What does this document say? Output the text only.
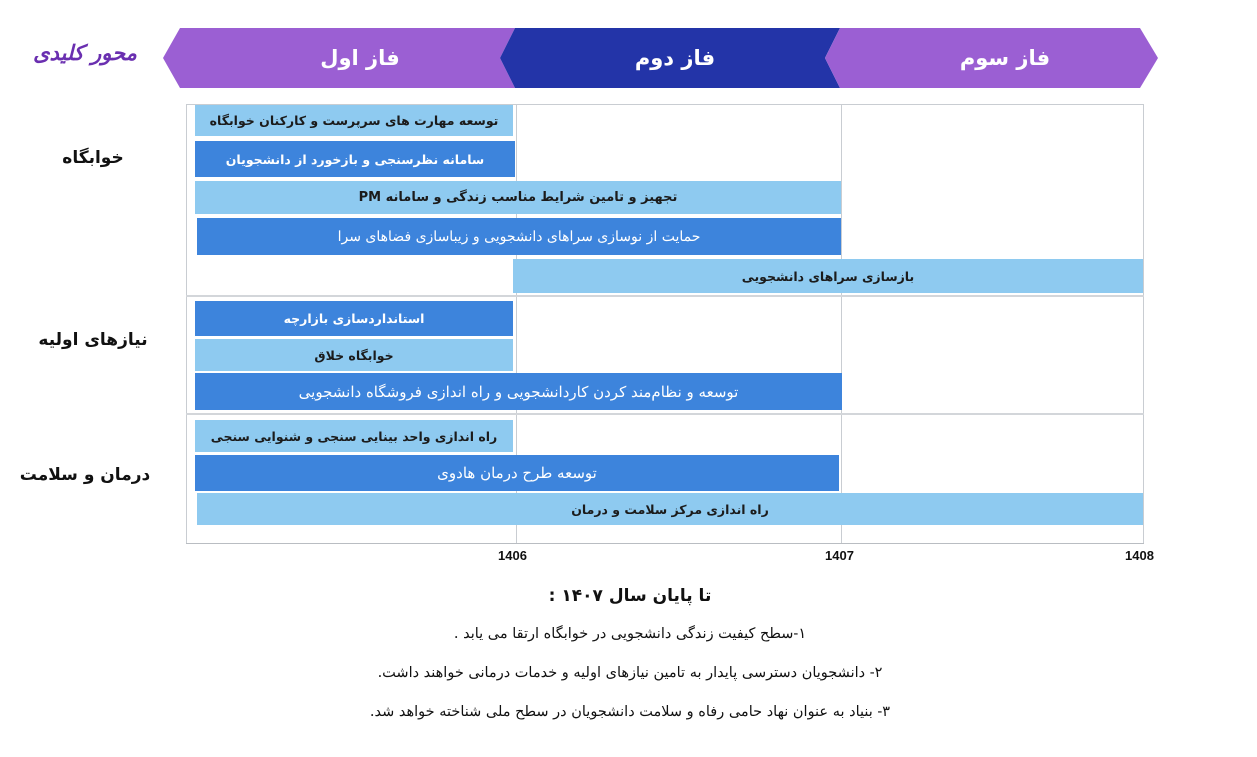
فاز اول	فاز دوم	فاز سوم
محور کلیدی
خوابگاه
نیازهای اولیه
درمان و سلامت
توسعه مهارت های سرپرست و کارکنان خوابگاه
سامانه نظرسنجی و بازخورد از دانشجویان
تجهیز و تامین شرایط مناسب زندگی و سامانه PM
حمایت از نوسازی سراهای دانشجویی و زیباسازی فضاهای سرا
بازسازی سراهای دانشجویی
استانداردسازی بازارچه
خوابگاه خلاق
توسعه و نظام‌مند کردن کاردانشجویی و راه اندازی فروشگاه دانشجویی
راه اندازی واحد بینایی سنجی و شنوایی سنجی
توسعه طرح درمان هادوی
راه اندازی مرکز سلامت و درمان
1406	1407	1408
تا پایان سال ۱۴۰۷ :
۱-سطح کیفیت زندگی دانشجویی در خوابگاه ارتقا می یابد .
۲- دانشجویان دسترسی پایدار به تامین نیازهای اولیه و خدمات درمانی خواهند داشت.
۳- بنیاد به عنوان نهاد حامی رفاه و سلامت دانشجویان در سطح ملی شناخته خواهد شد.
